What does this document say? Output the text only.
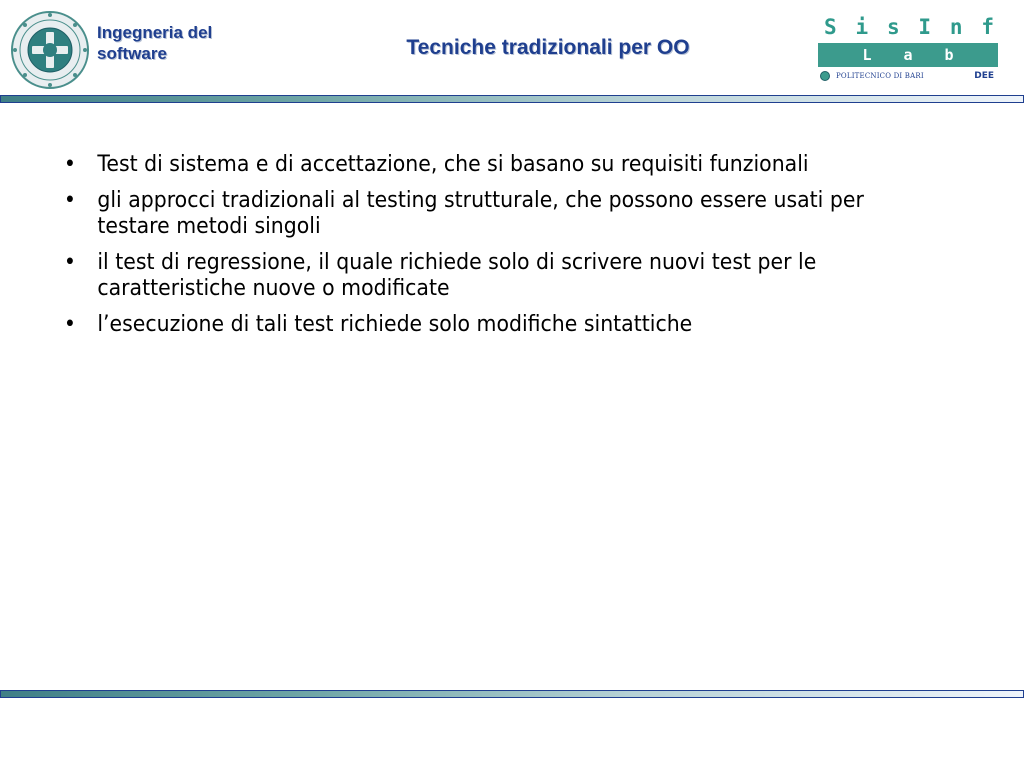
Ingegneria del
software	Tecniche tradizionali per OO
S i s I n f
L a b
POLITECNICO DI BARI	DEE
• Test di sistema e di accettazione, che si basano su requisiti funzionali
• gli approcci tradizionali al testing strutturale, che possono essere usati per testare metodi singoli
• il test di regressione, il quale richiede solo di scrivere nuovi test per le caratteristiche nuove o modificate
• l’esecuzione di tali test richiede solo modifiche sintattiche
